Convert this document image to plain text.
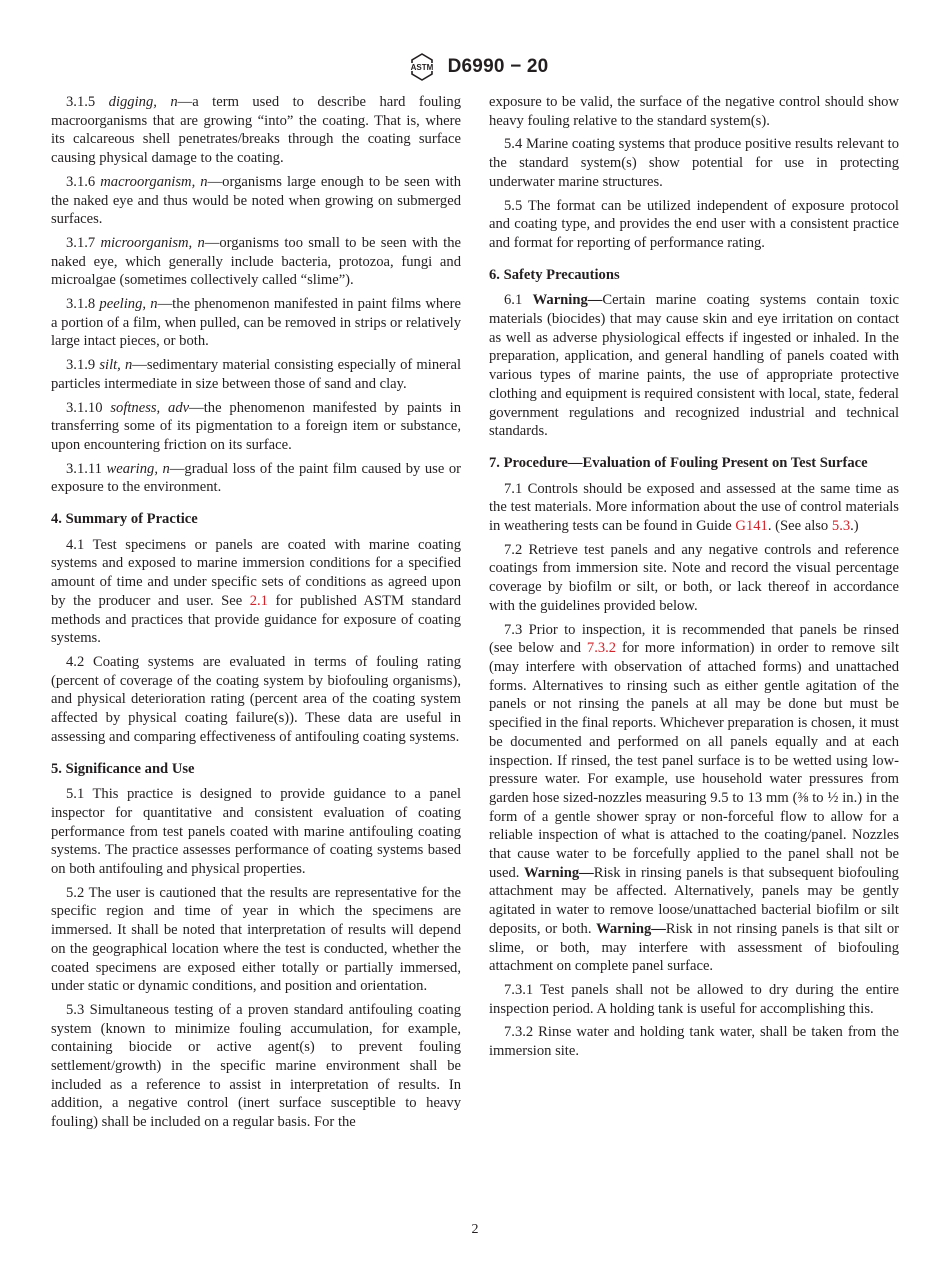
ASTM D6990 − 20

3.1.5 digging, n—a term used to describe hard fouling macroorganisms that are growing “into” the coating. That is, where its calcareous shell penetrates/breaks through the coating surface causing physical damage to the coating.

3.1.6 macroorganism, n—organisms large enough to be seen with the naked eye and thus would be noted when growing on submerged surfaces.

3.1.7 microorganism, n—organisms too small to be seen with the naked eye, which generally include bacteria, protozoa, fungi and microalgae (sometimes collectively called “slime”).

3.1.8 peeling, n—the phenomenon manifested in paint films where a portion of a film, when pulled, can be removed in strips or relatively large intact pieces, or both.

3.1.9 silt, n—sedimentary material consisting especially of mineral particles intermediate in size between those of sand and clay.

3.1.10 softness, adv—the phenomenon manifested by paints in transferring some of its pigmentation to a foreign item or substance, upon encountering friction on its surface.

3.1.11 wearing, n—gradual loss of the paint film caused by use or exposure to the environment.

4. Summary of Practice

4.1 Test specimens or panels are coated with marine coating systems and exposed to marine immersion conditions for a specified amount of time and under specific sets of conditions as agreed upon by the producer and user. See 2.1 for published ASTM standard methods and practices that provide guidance for exposure of coating systems.

4.2 Coating systems are evaluated in terms of fouling rating (percent of coverage of the coating system by biofouling organisms), and physical deterioration rating (percent area of the coating system affected by physical coating failure(s)). These data are useful in assessing and comparing effectiveness of antifouling coating systems.

5. Significance and Use

5.1 This practice is designed to provide guidance to a panel inspector for quantitative and consistent evaluation of coating performance from test panels coated with marine antifouling coating systems. The practice assesses performance of coating systems based on both antifouling and physical properties.

5.2 The user is cautioned that the results are representative for the specific region and time of year in which the specimens are immersed. It shall be noted that interpretation of results will depend on the geographical location where the test is conducted, whether the coated specimens are exposed either totally or partially immersed, under static or dynamic conditions, and position and orientation.

5.3 Simultaneous testing of a proven standard antifouling coating system (known to minimize fouling accumulation, for example, containing biocide or active agent(s) to prevent fouling settlement/growth) in the specific marine environment shall be included as a reference to assist in interpretation of results. In addition, a negative control (inert surface susceptible to heavy fouling) shall be included on a regular basis. For the

exposure to be valid, the surface of the negative control should show heavy fouling relative to the standard system(s).

5.4 Marine coating systems that produce positive results relevant to the standard system(s) show potential for use in protecting underwater marine structures.

5.5 The format can be utilized independent of exposure protocol and coating type, and provides the end user with a consistent practice and format for reporting of performance rating.

6. Safety Precautions

6.1 Warning—Certain marine coating systems contain toxic materials (biocides) that may cause skin and eye irritation on contact as well as adverse physiological effects if ingested or inhaled. In the preparation, application, and general handling of panels coated with various types of marine paints, the use of appropriate protective clothing and equipment is required consistent with local, state, federal government regulations and recognized industrial and technical standards.

7. Procedure—Evaluation of Fouling Present on Test Surface

7.1 Controls should be exposed and assessed at the same time as the test materials. More information about the use of control materials in weathering tests can be found in Guide G141. (See also 5.3.)

7.2 Retrieve test panels and any negative controls and reference coatings from immersion site. Note and record the visual percentage coverage by biofilm or silt, or both, or lack thereof in accordance with the guidelines provided below.

7.3 Prior to inspection, it is recommended that panels be rinsed (see below and 7.3.2 for more information) in order to remove silt (may interfere with observation of attached forms) and unattached forms. Alternatives to rinsing such as either gentle agitation of the panels or not rinsing the panels at all may be done but must be specified in the final reports. Whichever preparation is chosen, it must be documented and performed on all panels equally and at each inspection. If rinsed, the test panel surface is to be wetted using low-pressure water. For example, use household water pressures from garden hose sized-nozzles measuring 9.5 to 13 mm (⅜ to ½ in.) in the form of a gentle shower spray or non-forceful flow to allow for a reliable inspection of what is attached to the coating/panel. Nozzles that cause water to be forcefully applied to the panel shall not be used. Warning—Risk in rinsing panels is that subsequent biofouling attachment may be affected. Alternatively, panels may be gently agitated in water to remove loose/unattached bacterial biofilm or silt deposits, or both. Warning—Risk in not rinsing panels is that silt or slime, or both, may interfere with assessment of biofouling attachment on complete panel surface.

7.3.1 Test panels shall not be allowed to dry during the entire inspection period. A holding tank is useful for accomplishing this.

7.3.2 Rinse water and holding tank water, shall be taken from the immersion site.

2
